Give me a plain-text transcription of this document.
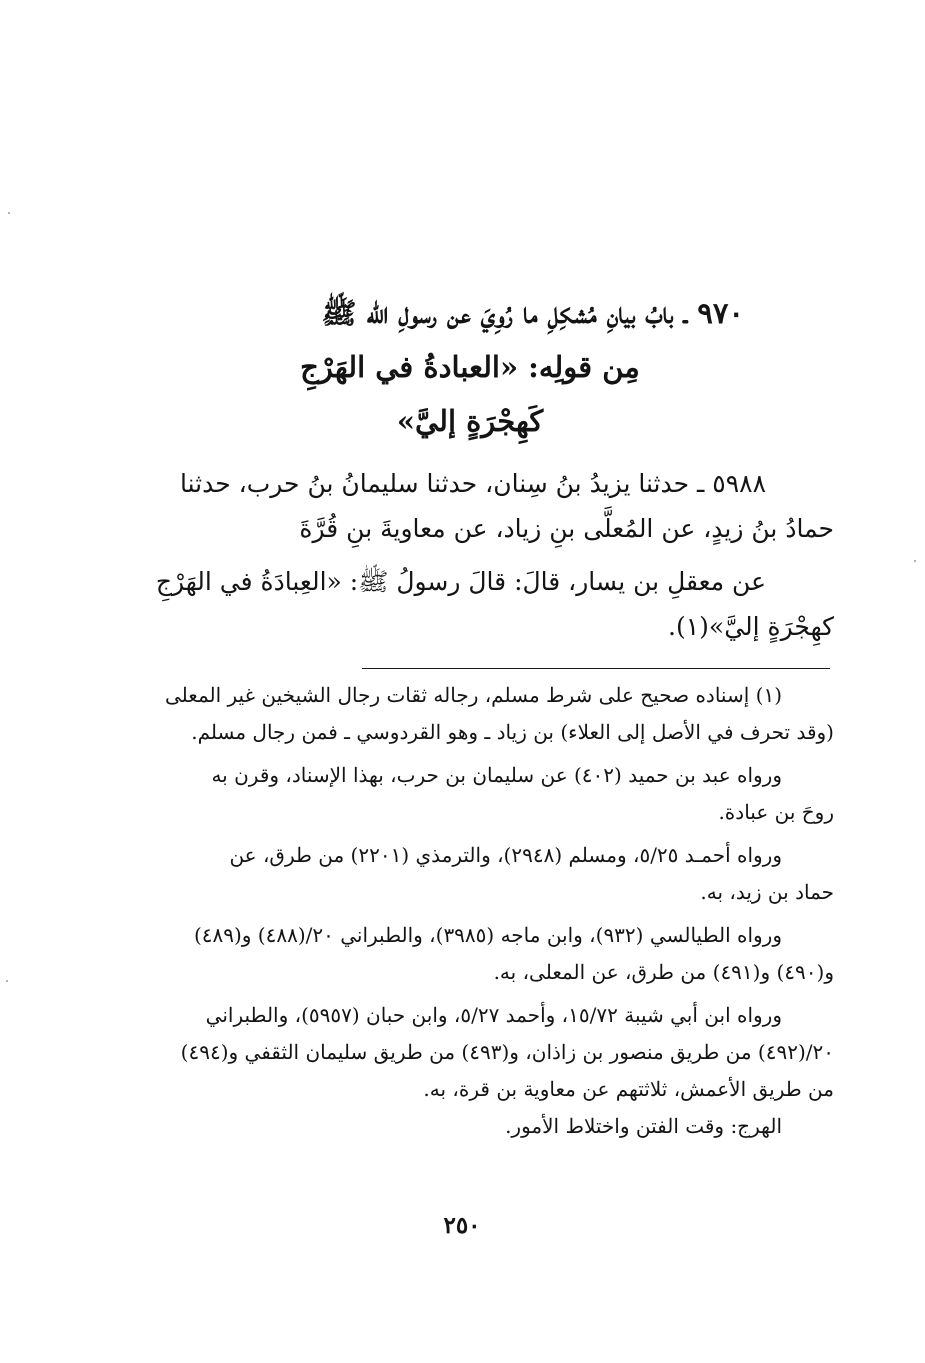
٩٧٠ ـ بابُ بيانِ مُشكِلِ ما رُوِيَ عن رسولِ الله ﷺ
مِن قولِه: «العبادةُ في الهَرْجِ
كَهِجْرَةٍ إليَّ»
٥٩٨٨ ـ حدثنا يزيدُ بنُ سِنان، حدثنا سليمانُ بنُ حرب، حدثنا
حمادُ بنُ زيدٍ، عن المُعلَّى بنِ زياد، عن معاويةَ بنِ قُرَّةَ
عن معقلِ بن يسار، قالَ: قالَ رسولُ ﷺ: «العِبادَةُ في الهَرْجِ
كهِجْرَةٍ إليَّ»(١).
(١) إسناده صحيح على شرط مسلم، رجاله ثقات رجال الشيخين غير المعلى
(وقد تحرف في الأصل إلى العلاء) بن زياد ـ وهو القردوسي ـ فمن رجال مسلم.
ورواه عبد بن حميد (٤٠٢) عن سليمان بن حرب، بهذا الإسناد، وقرن به
روحَ بن عبادة.
ورواه أحمـد ٥/٢٥، ومسلم (٢٩٤٨)، والترمذي (٢٢٠١) من طرق، عن
حماد بن زيد، به.
ورواه الطيالسي (٩٣٢)، وابن ماجه (٣٩٨٥)، والطبراني ٢٠/(٤٨٨) و(٤٨٩)
و(٤٩٠) و(٤٩١) من طرق، عن المعلى، به.
ورواه ابن أبي شيبة ١٥/٧٢، وأحمد ٥/٢٧، وابن حبان (٥٩٥٧)، والطبراني
٢٠/(٤٩٢) من طريق منصور بن زاذان، و(٤٩٣) من طريق سليمان الثقفي و(٤٩٤)
من طريق الأعمش، ثلاثتهم عن معاوية بن قرة، به.
الهرج: وقت الفتن واختلاط الأمور.
٢٥٠
